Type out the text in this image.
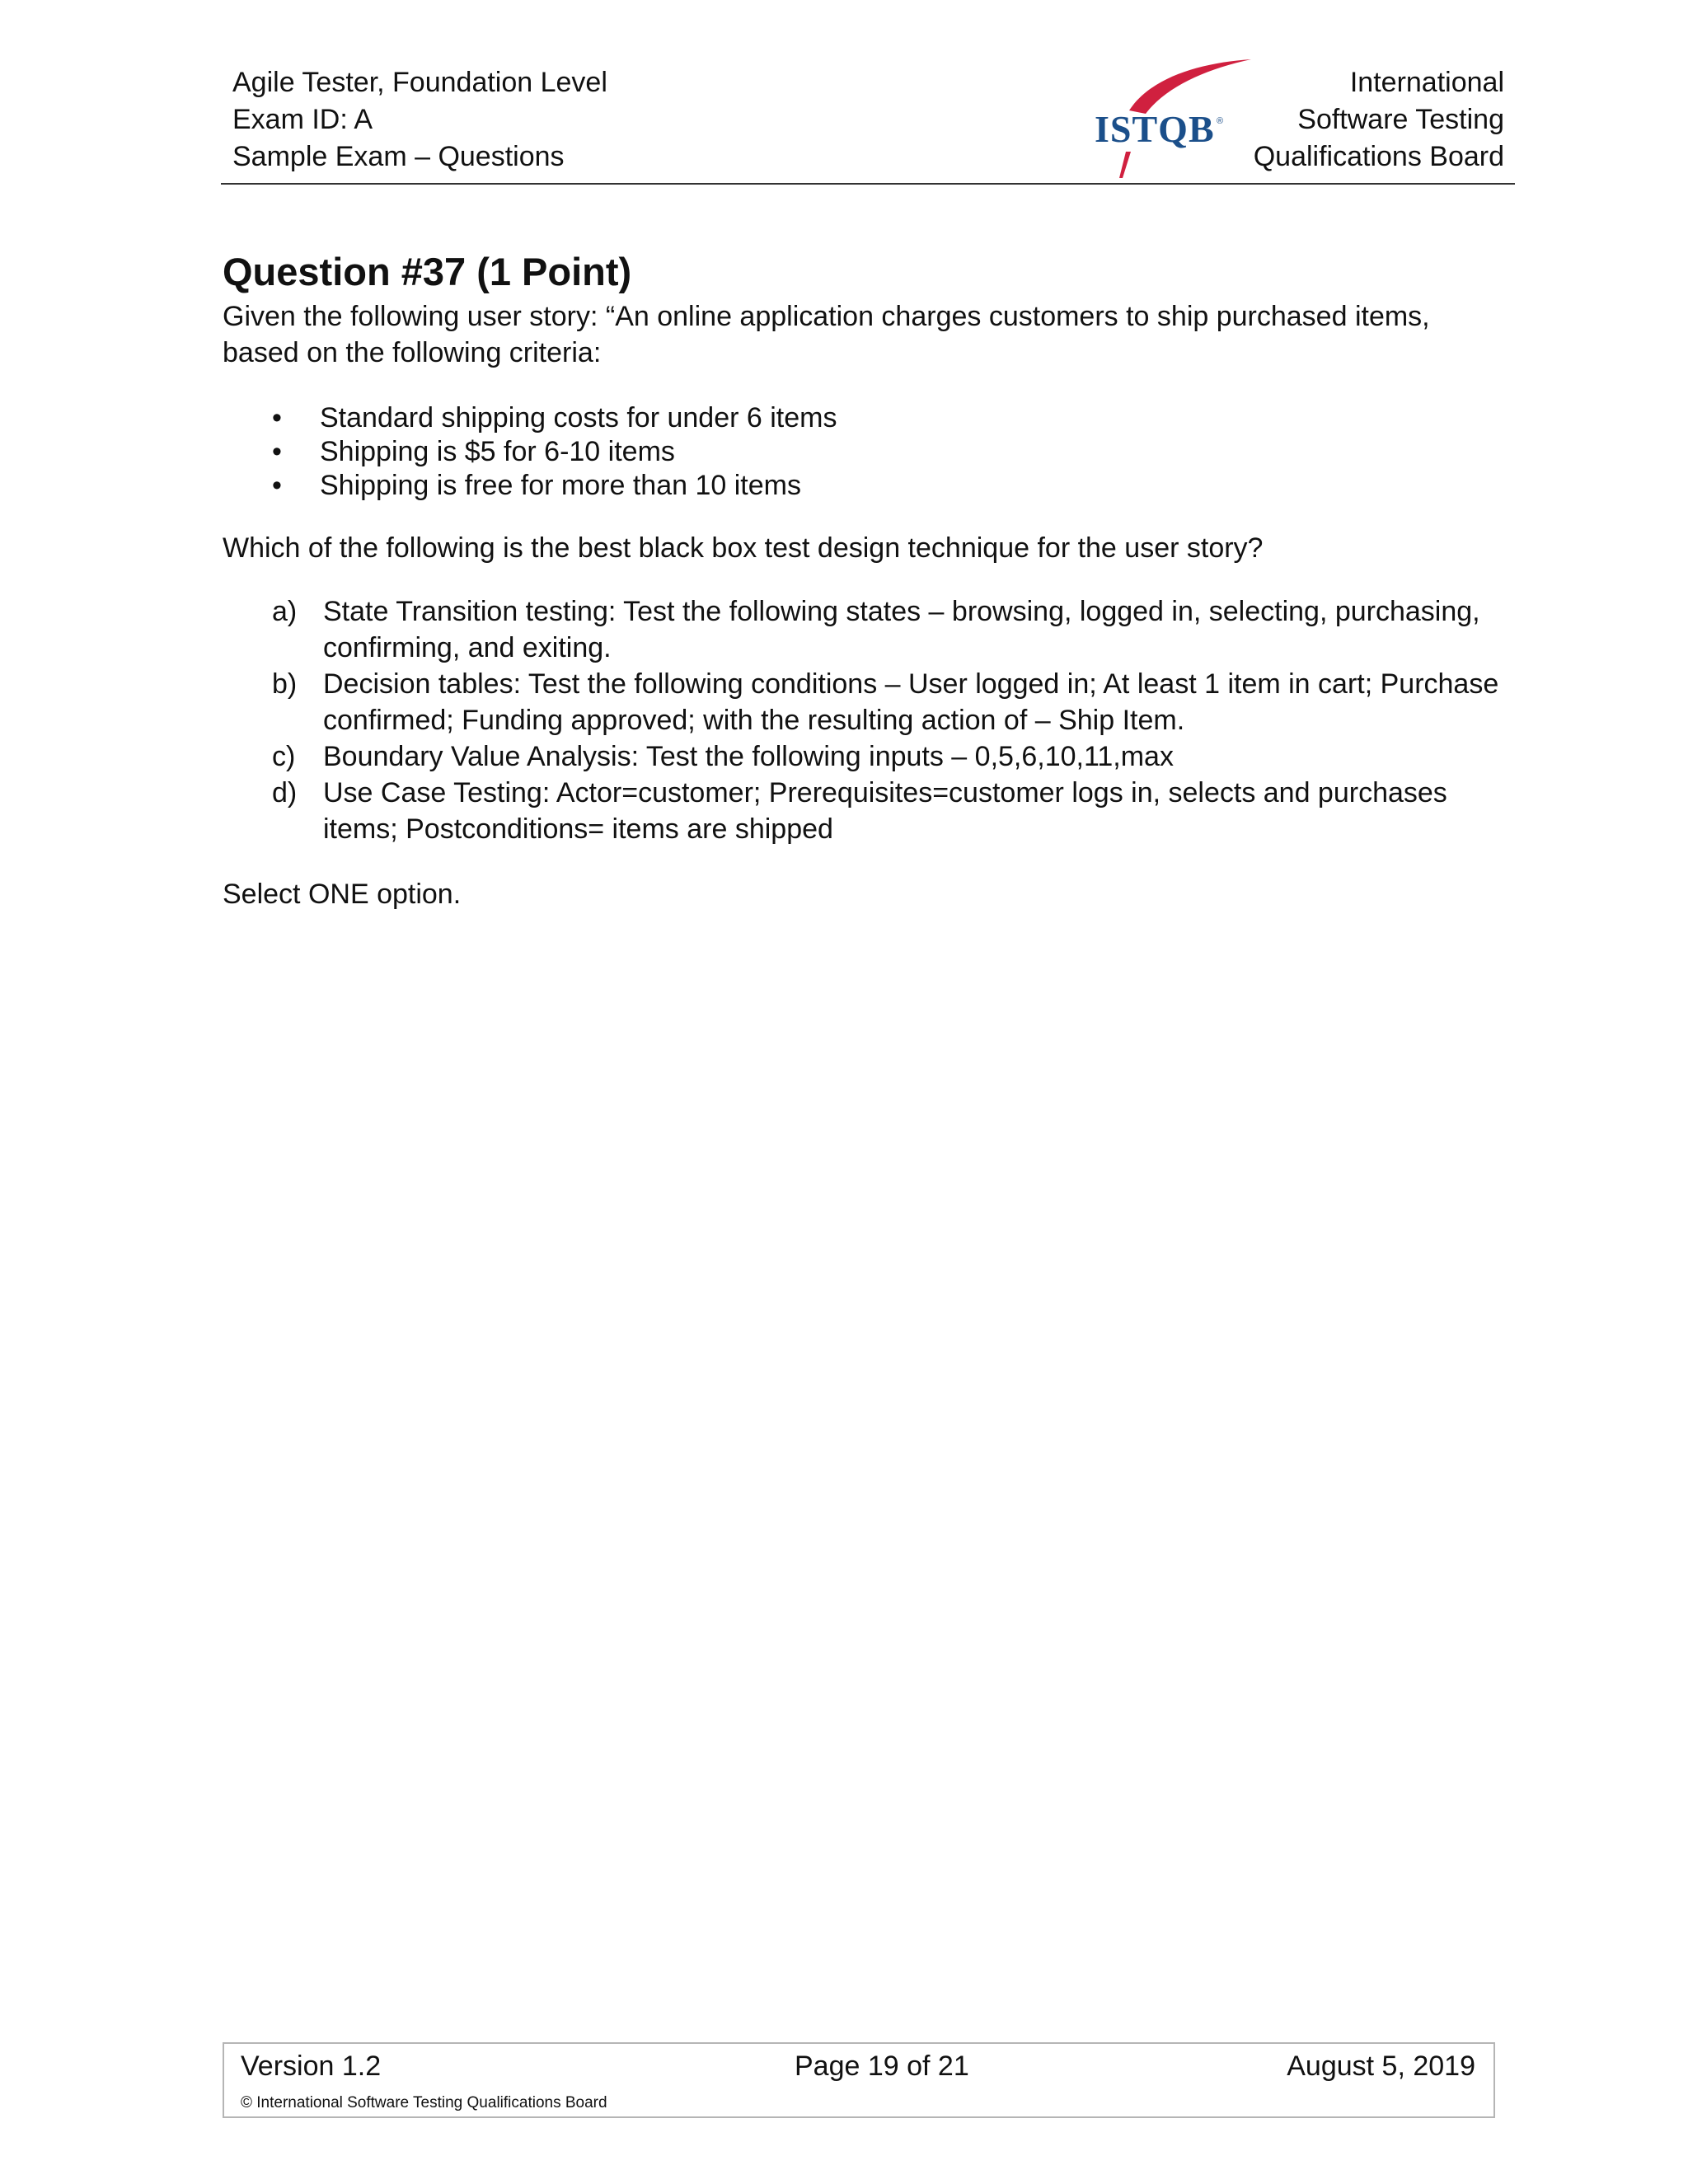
Agile Tester, Foundation Level
Exam ID: A
Sample Exam – Questions
ISTQB ®
International
Software Testing
Qualifications Board
Question #37 (1 Point)
Given the following user story: “An online application charges customers to ship purchased items, based on the following criteria:
• Standard shipping costs for under 6 items
• Shipping is $5 for 6-10 items
• Shipping is free for more than 10 items
Which of the following is the best black box test design technique for the user story?
a) State Transition testing: Test the following states – browsing, logged in, selecting, purchasing, confirming, and exiting.
b) Decision tables: Test the following conditions – User logged in; At least 1 item in cart; Purchase confirmed; Funding approved; with the resulting action of – Ship Item.
c) Boundary Value Analysis: Test the following inputs – 0,5,6,10,11,max
d) Use Case Testing: Actor=customer; Prerequisites=customer logs in, selects and purchases items; Postconditions= items are shipped
Select ONE option.
Version 1.2	Page 19 of 21	August 5, 2019
© International Software Testing Qualifications Board
